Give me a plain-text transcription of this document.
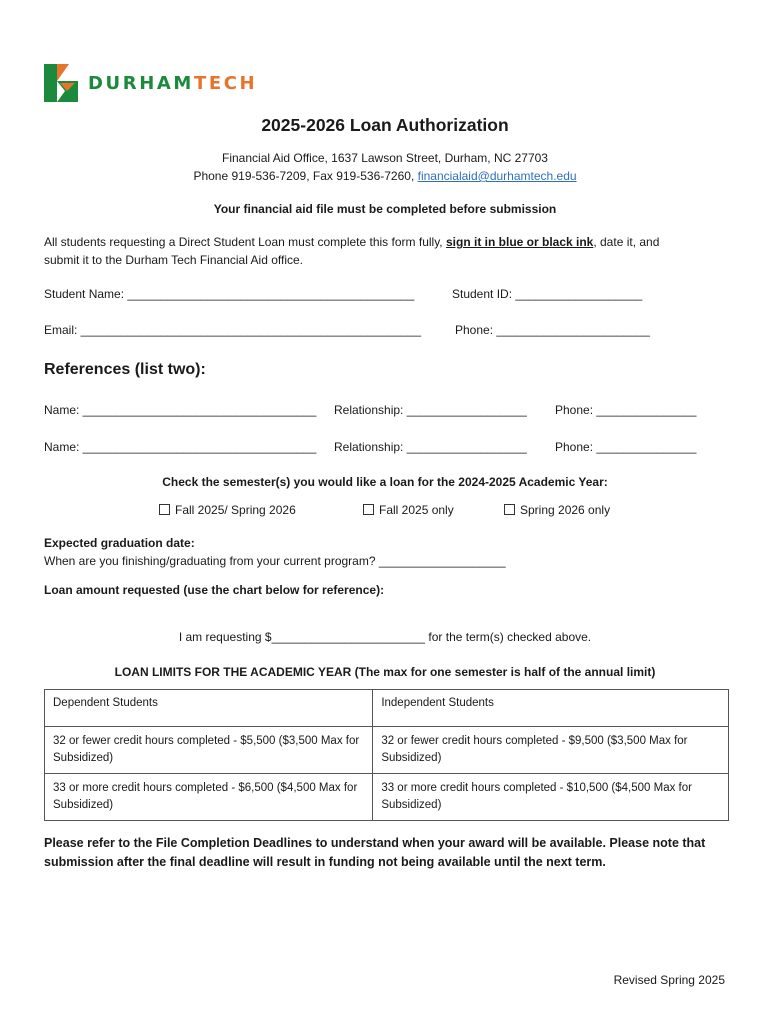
DURHAMTECH
2025-2026 Loan Authorization
Financial Aid Office, 1637 Lawson Street, Durham, NC 27703
Phone 919-536-7209, Fax 919-536-7260, financialaid@durhamtech.edu
Your financial aid file must be completed before submission
All students requesting a Direct Student Loan must complete this form fully, sign it in blue or black ink, date it, and
submit it to the Durham Tech Financial Aid office.
Student Name: ___________________________________________	Student ID: ___________________
Email: ___________________________________________________	Phone: _______________________
References (list two):
Name: ___________________________________ Relationship: __________________ Phone: _______________
Name: ___________________________________ Relationship: __________________ Phone: _______________
Check the semester(s) you would like a loan for the 2024-2025 Academic Year:
Fall 2025/ Spring 2026	Fall 2025 only	Spring 2026 only
Expected graduation date:
When are you finishing/graduating from your current program? ___________________
Loan amount requested (use the chart below for reference):
I am requesting $_______________________ for the term(s) checked above.
LOAN LIMITS FOR THE ACADEMIC YEAR (The max for one semester is half of the annual limit)
Dependent Students	Independent Students
32 or fewer credit hours completed - $5,500 ($3,500 Max for Subsidized)	32 or fewer credit hours completed - $9,500 ($3,500 Max for Subsidized)
33 or more credit hours completed - $6,500 ($4,500 Max for Subsidized)	33 or more credit hours completed - $10,500 ($4,500 Max for Subsidized)
Please refer to the File Completion Deadlines to understand when your award will be available. Please note that submission after the final deadline will result in funding not being available until the next term.
Revised Spring 2025
